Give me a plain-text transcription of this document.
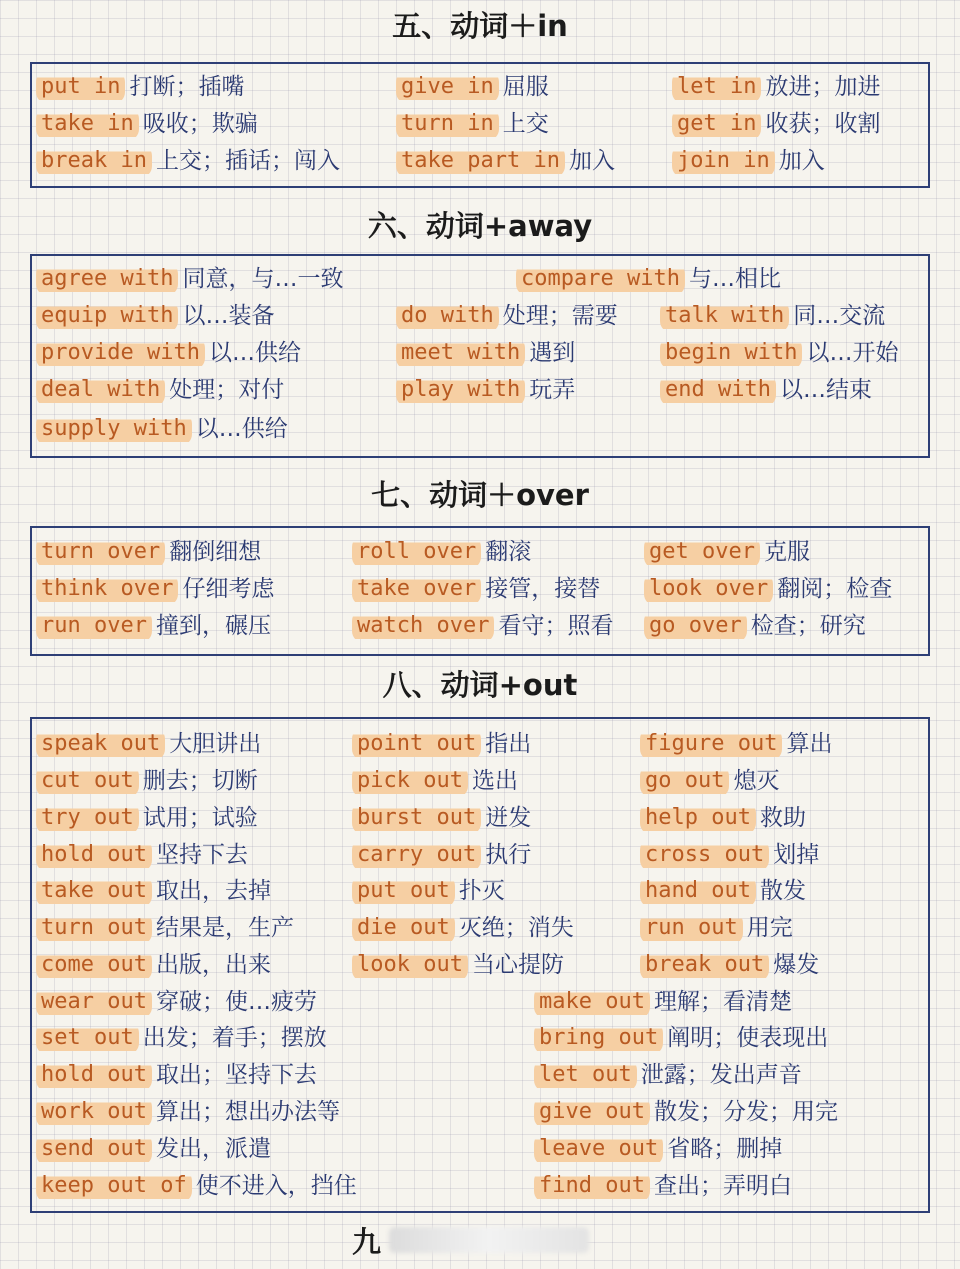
五、动词＋in
put in 打断；插嘴	give in 屈服	let in 放进；加进
take in 吸收；欺骗	turn in 上交	get in 收获；收割
break in 上交；插话；闯入	take part in 加入	join in 加入
六、动词+away
agree with 同意，与…一致	compare with 与…相比
equip with 以…装备	do with 处理；需要 talk with 同…交流
provide with 以…供给	meet with 遇到	begin with 以…开始
deal with 处理；对付	play with 玩弄	end with 以…结束
supply with 以…供给
七、动词＋over
turn over 翻倒细想	roll over 翻滚	get over 克服
think over 仔细考虑	take over 接管，接替 look over 翻阅；检查
run over 撞到，碾压	watch over 看守；照看 go over 检查；研究
八、动词+out
speak out 大胆讲出	point out 指出	figure out 算出
cut out 删去；切断	pick out 选出	go out 熄灭
try out 试用；试验	burst out 迸发	help out 救助
hold out 坚持下去	carry out 执行	cross out 划掉
take out 取出，去掉	put out 扑灭	hand out 散发
turn out 结果是，生产	die out 灭绝；消失	run out 用完
come out 出版，出来	look out 当心提防	break out 爆发
wear out 穿破；使…疲劳	make out 理解；看清楚
set out 出发；着手；摆放	bring out 阐明；使表现出
hold out 取出；坚持下去	let out 泄露；发出声音
work out 算出；想出办法等	give out 散发；分发；用完
send out 发出，派遣	leave out 省略；删掉
keep out of 使不进入，挡住	find out 查出；弄明白
九
